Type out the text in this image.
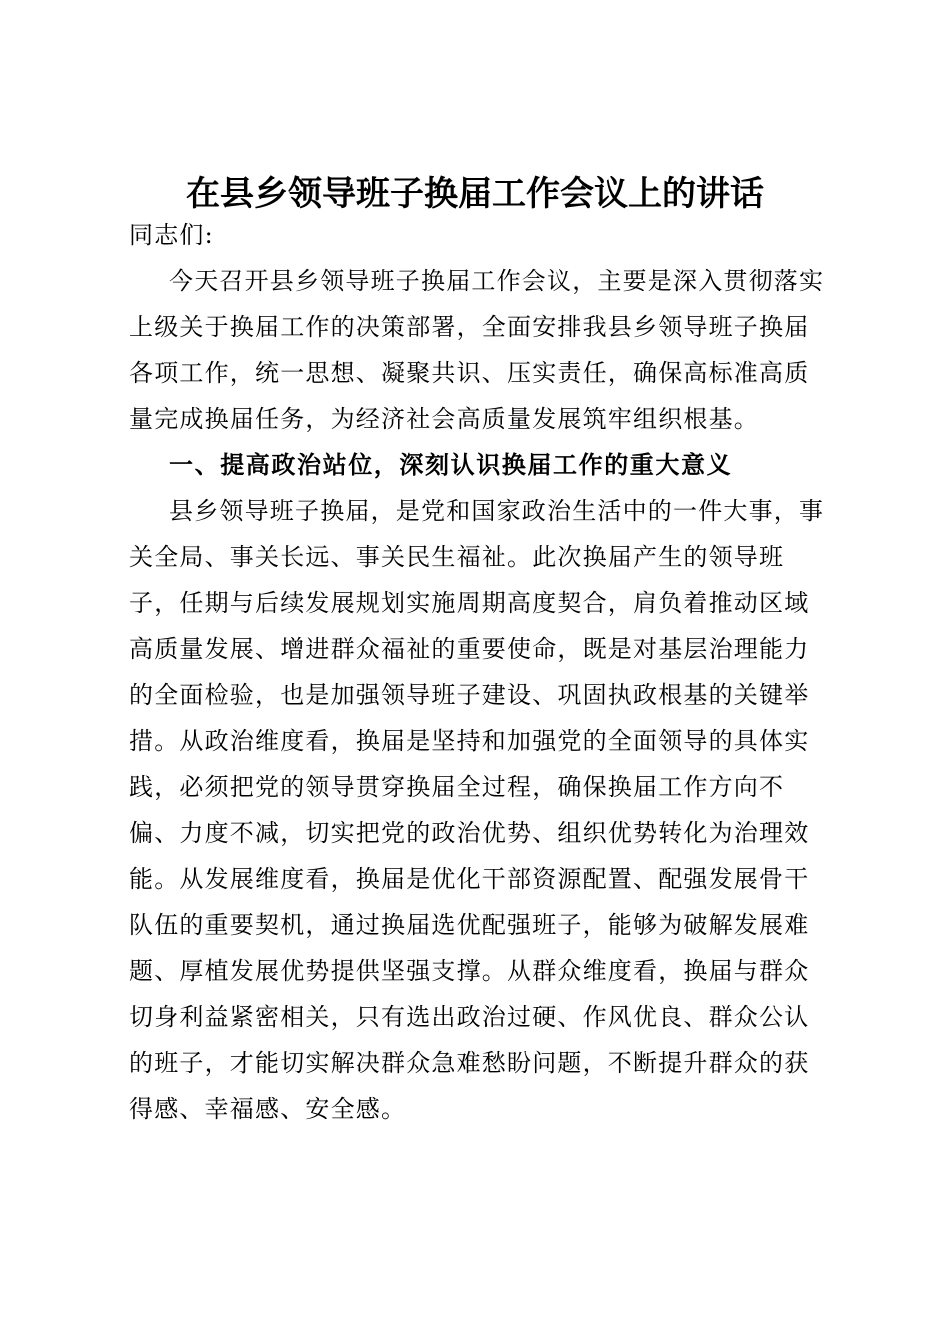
在县乡领导班子换届工作会议上的讲话

同志们:

今天召开县乡领导班子换届工作会议，主要是深入贯彻落实

上级关于换届工作的决策部署，全面安排我县乡领导班子换届

各项工作，统一思想、凝聚共识、压实责任，确保高标准高质

量完成换届任务，为经济社会高质量发展筑牢组织根基。

一、提高政治站位，深刻认识换届工作的重大意义

县乡领导班子换届，是党和国家政治生活中的一件大事，事

关全局、事关长远、事关民生福祉。此次换届产生的领导班

子，任期与后续发展规划实施周期高度契合，肩负着推动区域

高质量发展、增进群众福祉的重要使命，既是对基层治理能力

的全面检验，也是加强领导班子建设、巩固执政根基的关键举

措。从政治维度看，换届是坚持和加强党的全面领导的具体实

践，必须把党的领导贯穿换届全过程，确保换届工作方向不

偏、力度不减，切实把党的政治优势、组织优势转化为治理效

能。从发展维度看，换届是优化干部资源配置、配强发展骨干

队伍的重要契机，通过换届选优配强班子，能够为破解发展难

题、厚植发展优势提供坚强支撑。从群众维度看，换届与群众

切身利益紧密相关，只有选出政治过硬、作风优良、群众公认

的班子，才能切实解决群众急难愁盼问题，不断提升群众的获

得感、幸福感、安全感。
